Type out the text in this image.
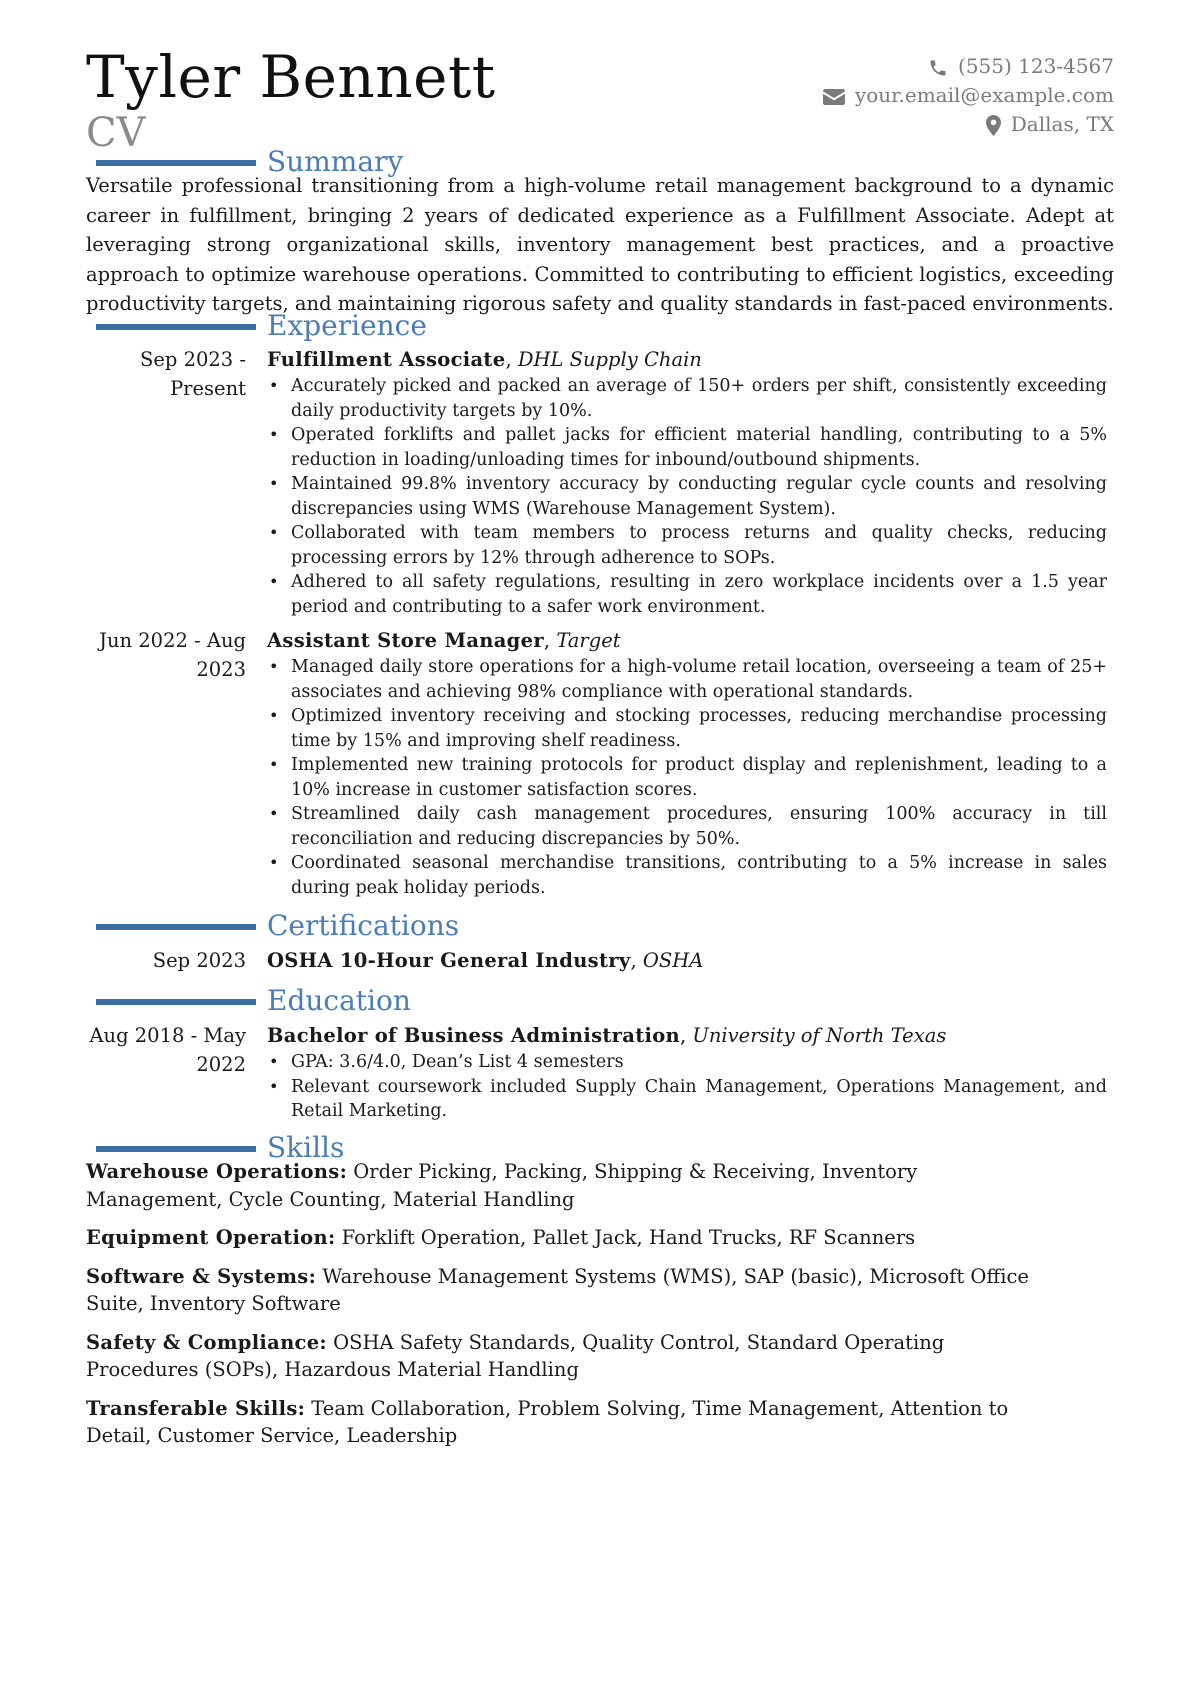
Tyler Bennett
CV
(555) 123-4567
your.email@example.com
Dallas, TX
Summary
Versatile professional transitioning from a high-volume retail management background to a dynamic career in fulfillment, bringing 2 years of dedicated experience as a Fulfillment Associate. Adept at leveraging strong organizational skills, inventory management best practices, and a proactive approach to optimize warehouse operations. Committed to contributing to efficient logistics, exceeding productivity targets, and maintaining rigorous safety and quality standards in fast-paced environments.
Experience
Sep 2023 - Present
Fulfillment Associate, DHL Supply Chain
• Accurately picked and packed an average of 150+ orders per shift, consistently exceeding daily productivity targets by 10%.
• Operated forklifts and pallet jacks for efficient material handling, contributing to a 5% reduction in loading/unloading times for inbound/outbound shipments.
• Maintained 99.8% inventory accuracy by conducting regular cycle counts and resolving discrepancies using WMS (Warehouse Management System).
• Collaborated with team members to process returns and quality checks, reducing processing errors by 12% through adherence to SOPs.
• Adhered to all safety regulations, resulting in zero workplace incidents over a 1.5 year period and contributing to a safer work environment.
Jun 2022 - Aug 2023
Assistant Store Manager, Target
• Managed daily store operations for a high-volume retail location, overseeing a team of 25+ associates and achieving 98% compliance with operational standards.
• Optimized inventory receiving and stocking processes, reducing merchandise processing time by 15% and improving shelf readiness.
• Implemented new training protocols for product display and replenishment, leading to a 10% increase in customer satisfaction scores.
• Streamlined daily cash management procedures, ensuring 100% accuracy in till reconciliation and reducing discrepancies by 50%.
• Coordinated seasonal merchandise transitions, contributing to a 5% increase in sales during peak holiday periods.
Certifications
Sep 2023 OSHA 10-Hour General Industry, OSHA
Education
Aug 2018 - May 2022
Bachelor of Business Administration, University of North Texas
• GPA: 3.6/4.0, Dean’s List 4 semesters
• Relevant coursework included Supply Chain Management, Operations Management, and Retail Marketing.
Skills
Warehouse Operations: Order Picking, Packing, Shipping & Receiving, Inventory Management, Cycle Counting, Material Handling
Equipment Operation: Forklift Operation, Pallet Jack, Hand Trucks, RF Scanners
Software & Systems: Warehouse Management Systems (WMS), SAP (basic), Microsoft Office Suite, Inventory Software
Safety & Compliance: OSHA Safety Standards, Quality Control, Standard Operating Procedures (SOPs), Hazardous Material Handling
Transferable Skills: Team Collaboration, Problem Solving, Time Management, Attention to Detail, Customer Service, Leadership
